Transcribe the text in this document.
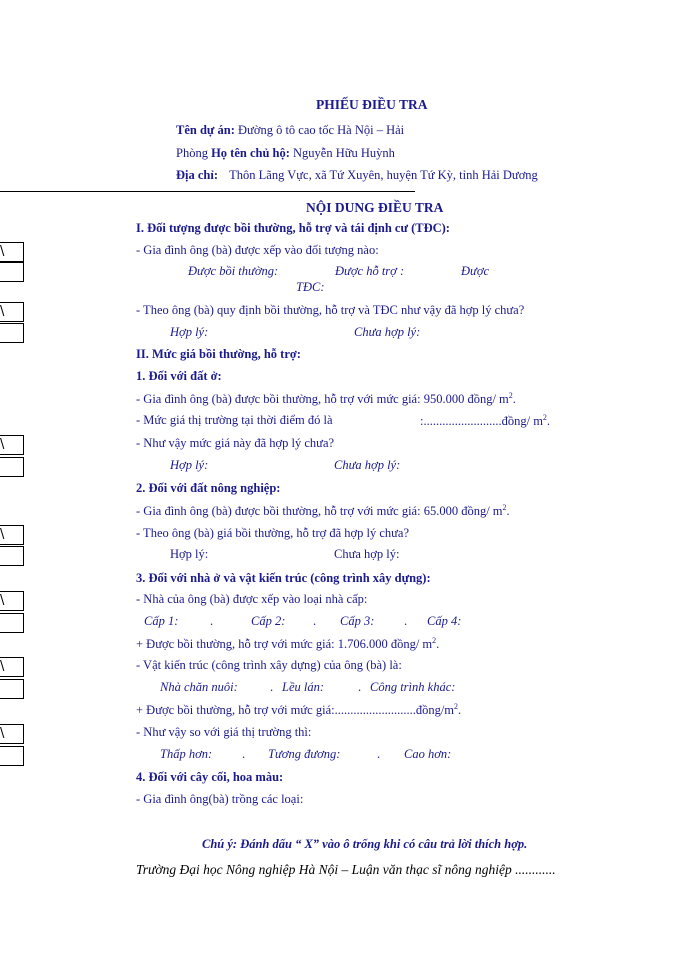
PHIẾU ĐIỀU TRA
Tên dự án: Đường ô tô cao tốc Hà Nội – Hải
Phòng Họ tên chủ hộ: Nguyễn Hữu Huỳnh
Địa chỉ: Thôn Lãng Vực, xã Tứ Xuyên, huyện Tứ Kỳ, tỉnh Hải Dương
\
\
\
\
\
\
\
NỘI DUNG ĐIỀU TRA
I. Đối tượng được bồi thường, hỗ trợ và tái định cư (TĐC):
- Gia đình ông (bà) được xếp vào đối tượng nào:
Được bồi thường:	Được hỗ trợ :	Được
TĐC:
- Theo ông (bà) quy định bồi thường, hỗ trợ và TĐC như vậy đã hợp lý chưa?
Hợp lý:	Chưa hợp lý:
II. Mức giá bồi thường, hỗ trợ:
1. Đối với đất ở:
- Gia đình ông (bà) được bồi thường, hỗ trợ với mức giá: 950.000 đồng/ $m^2$.
- Mức giá thị trường tại thời điểm đó là	:.........................đồng/ $m^2$.
- Như vậy mức giá này đã hợp lý chưa?
Hợp lý:	Chưa hợp lý:
2. Đối với đất nông nghiệp:
- Gia đình ông (bà) được bồi thường, hỗ trợ với mức giá: 65.000 đồng/ $m^2$.
- Theo ông (bà) giá bồi thường, hỗ trợ đã hợp lý chưa?
Hợp lý:	Chưa hợp lý:
3. Đối với nhà ở và vật kiến trúc (công trình xây dựng):
- Nhà của ông (bà) được xếp vào loại nhà cấp:
Cấp 1:	.	Cấp 2: . Cấp 3: . Cấp 4:
+ Được bồi thường, hỗ trợ với mức giá: 1.706.000 đồng/ $m^2$.
- Vật kiến trúc (công trình xây dựng) của ông (bà) là:
Nhà chăn nuôi:	. Lều lán:	. Công trình khác:
+ Được bồi thường, hỗ trợ với mức $giá:..........................đồng/m^2$.
- Như vậy so với giá thị trường thì:
Thấp hơn: . Tương đương:	. Cao hơn:
4. Đối với cây cối, hoa màu:
- Gia đình ông(bà) trồng các loại:
Chú ý: Đánh dấu “ X” vào ô trống khi có câu trả lời thích hợp.
Trường Đại học Nông nghiệp Hà Nội – Luận văn thạc sĩ nông nghiệp ............
